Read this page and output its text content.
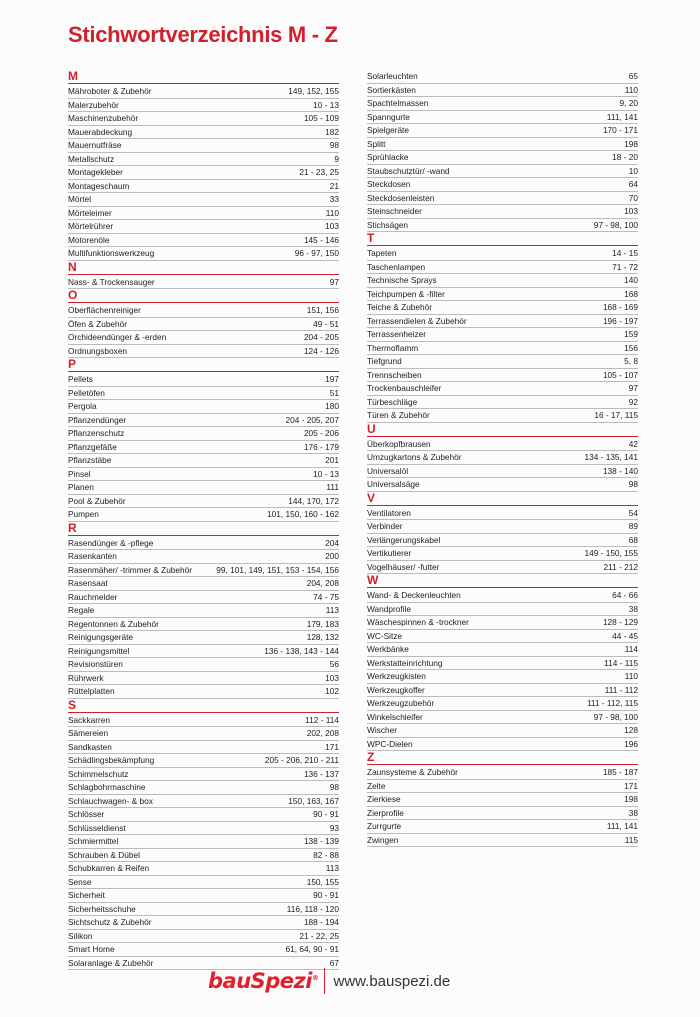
Stichwortverzeichnis M - Z
M
Mähroboter & Zubehör	149, 152, 155
Malerzubehör	10 - 13
Maschinenzubehör	105 - 109
Mauerabdeckung	182
Mauernutfräse	98
Metallschutz	9
Montagekleber	21 - 23, 25
Montageschaum	21
Mörtel	33
Mörteleimer	110
Mörtelrührer	103
Motorenöle	145 - 146
Multifunktionswerkzeug	96 - 97, 150
N
Nass- & Trockensauger	97
O
Oberflächenreiniger	151, 156
Öfen & Zubehör	49 - 51
Orchideendünger & -erden	204 - 205
Ordnungsboxen	124 - 126
P
Pellets	197
Pelletöfen	51
Pergola	180
Pflanzendünger	204 - 205, 207
Pflanzenschutz	205 - 206
Pflanzgefäße	176 - 179
Pflanzstäbe	201
Pinsel	10 - 13
Planen	111
Pool & Zubehör	144, 170, 172
Pumpen	101, 150, 160 - 162
R
Rasendünger & -pflege	204
Rasenkanten	200
Rasenmäher/ -trimmer & Zubehör	99, 101, 149, 151, 153 - 154, 156
Rasensaat	204, 208
Rauchmelder	74 - 75
Regale	113
Regentonnen & Zubehör	179, 183
Reinigungsgeräte	128, 132
Reinigungsmittel	136 - 138, 143 - 144
Revisionstüren	56
Rührwerk	103
Rüttelplatten	102
S
Sackkarren	112 - 114
Sämereien	202, 208
Sandkasten	171
Schädlingsbekämpfung	205 - 206, 210 - 211
Schimmelschutz	136 - 137
Schlagbohrmaschine	98
Schlauchwagen- & box	150, 163, 167
Schlösser	90 - 91
Schlüsseldienst	93
Schmiermittel	138 - 139
Schrauben & Dübel	82 - 88
Schubkarren & Reifen	113
Sense	150, 155
Sicherheit	90 - 91
Sicherheitsschuhe	116, 118 - 120
Sichtschutz & Zubehör	188 - 194
Silikon	21 - 22, 25
Smart Home	61, 64, 90 - 91
Solaranlage & Zubehör	67
Solarleuchten	65
Sortierkästen	110
Spachtelmassen	9, 20
Spanngurte	111, 141
Spielgeräte	170 - 171
Splitt	198
Sprühlacke	18 - 20
Staubschutztür/ -wand	10
Steckdosen	64
Steckdosenleisten	70
Steinschneider	103
Stichsägen	97 - 98, 100
T
Tapeten	14 - 15
Taschenlampen	71 - 72
Technische Sprays	140
Teichpumpen & -filter	168
Teiche & Zubehör	168 - 169
Terrassendielen & Zubehör	196 - 197
Terrassenheizer	159
Thermoflamm	156
Tiefgrund	5, 8
Trennscheiben	105 - 107
Trockenbauschleifer	97
Türbeschläge	92
Türen & Zubehör	16 - 17, 115
U
Überkopfbrausen	42
Umzugkartons & Zubehör	134 - 135, 141
Universalöl	138 - 140
Universalsäge	98
V
Ventilatoren	54
Verbinder	89
Verlängerungskabel	68
Vertikutierer	149 - 150, 155
Vogelhäuser/ -futter	211 - 212
W
Wand- & Deckenleuchten	64 - 66
Wandprofile	38
Wäschespinnen & -trockner	128 - 129
WC-Sitze	44 - 45
Werkbänke	114
Werkstatteinrichtung	114 - 115
Werkzeugkisten	110
Werkzeugkoffer	111 - 112
Werkzeugzubehör	111 - 112, 115
Winkelschleifer	97 - 98, 100
Wischer	128
WPC-Dielen	196
Z
Zaunsysteme & Zubehör	185 - 187
Zelte	171
Zierkiese	198
Zierprofile	38
Zurrgurte	111, 141
Zwingen	115
bauSpezi® www.bauspezi.de
